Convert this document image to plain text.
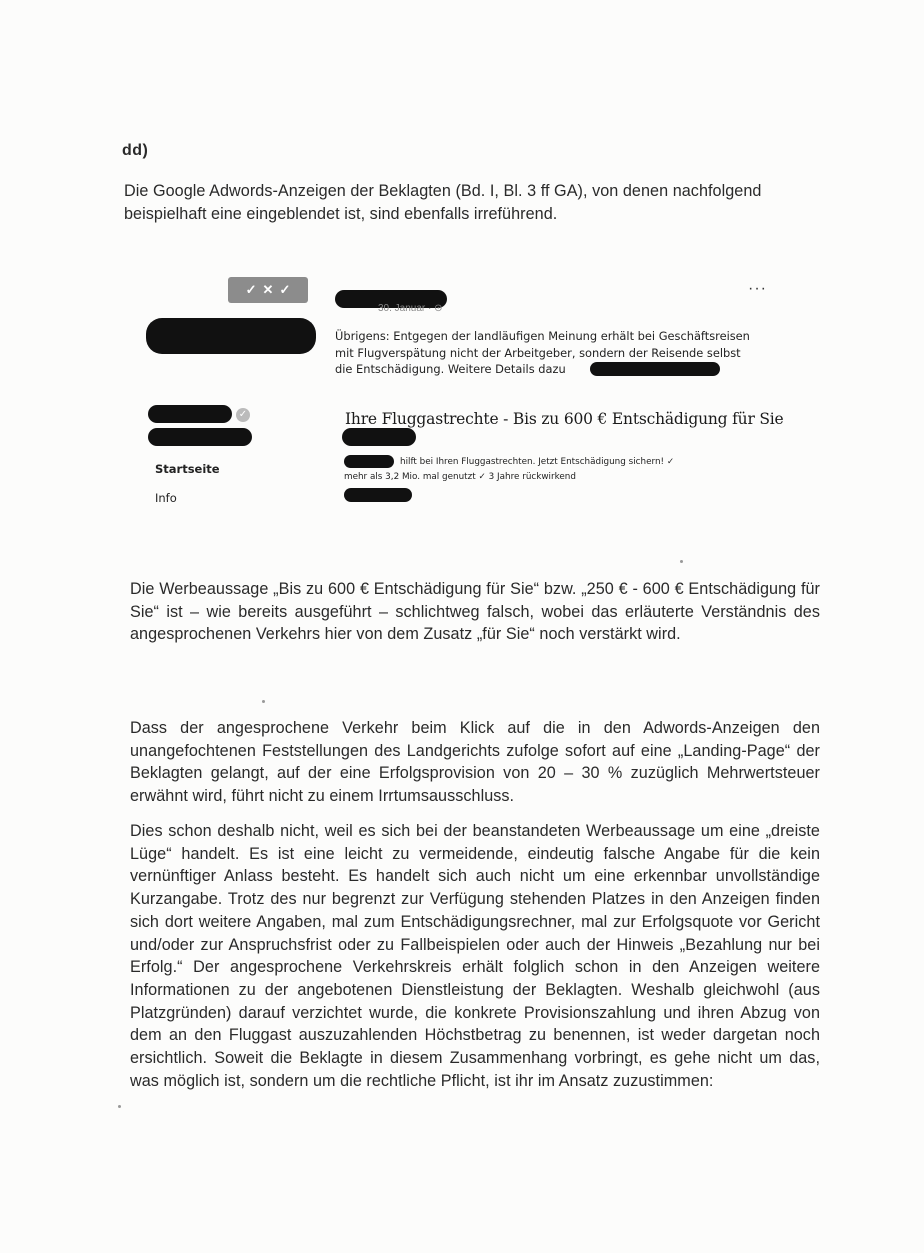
dd)
Die Google Adwords-Anzeigen der Beklagten (Bd. I, Bl. 3 ff GA), von denen nachfolgend beispielhaft eine eingeblendet ist, sind ebenfalls irreführend.
✓ ✕ ✓	···
30. Januar · ⊙
Übrigens: Entgegen der landläufigen Meinung erhält bei Geschäftsreisen mit Flugverspätung nicht der Arbeitgeber, sondern der Reisende selbst die Entschädigung. Weitere Details dazu
✓
Startseite
Info
Ihre Fluggastrechte - Bis zu 600 € Entschädigung für Sie
hilft bei Ihren Fluggastrechten. Jetzt Entschädigung sichern! ✓
mehr als 3,2 Mio. mal genutzt ✓ 3 Jahre rückwirkend
Die Werbeaussage „Bis zu 600 € Entschädigung für Sie“ bzw. „250 € - 600 € Entschädigung für Sie“ ist – wie bereits ausgeführt – schlichtweg falsch, wobei das erläuterte Verständnis des angesprochenen Verkehrs hier von dem Zusatz „für Sie“ noch verstärkt wird.
Dass der angesprochene Verkehr beim Klick auf die in den Adwords-Anzeigen den unangefochtenen Feststellungen des Landgerichts zufolge sofort auf eine „Landing-Page“ der Beklagten gelangt, auf der eine Erfolgsprovision von 20 – 30 % zuzüglich Mehrwertsteuer erwähnt wird, führt nicht zu einem Irrtumsausschluss.
Dies schon deshalb nicht, weil es sich bei der beanstandeten Werbeaussage um eine „dreiste Lüge“ handelt. Es ist eine leicht zu vermeidende, eindeutig falsche Angabe für die kein vernünftiger Anlass besteht. Es handelt sich auch nicht um eine erkennbar unvollständige Kurzangabe. Trotz des nur begrenzt zur Verfügung stehenden Platzes in den Anzeigen finden sich dort weitere Angaben, mal zum Entschädigungsrechner, mal zur Erfolgsquote vor Gericht und/oder zur Anspruchsfrist oder zu Fallbeispielen oder auch der Hinweis „Bezahlung nur bei Erfolg.“ Der angesprochene Verkehrskreis erhält folglich schon in den Anzeigen weitere Informationen zu der angebotenen Dienstleistung der Beklagten. Weshalb gleichwohl (aus Platzgründen) darauf verzichtet wurde, die konkrete Provisionszahlung und ihren Abzug von dem an den Fluggast auszuzahlenden Höchstbetrag zu benennen, ist weder dargetan noch ersichtlich. Soweit die Beklagte in diesem Zusammenhang vorbringt, es gehe nicht um das, was möglich ist, sondern um die rechtliche Pflicht, ist ihr im Ansatz zuzustimmen:
